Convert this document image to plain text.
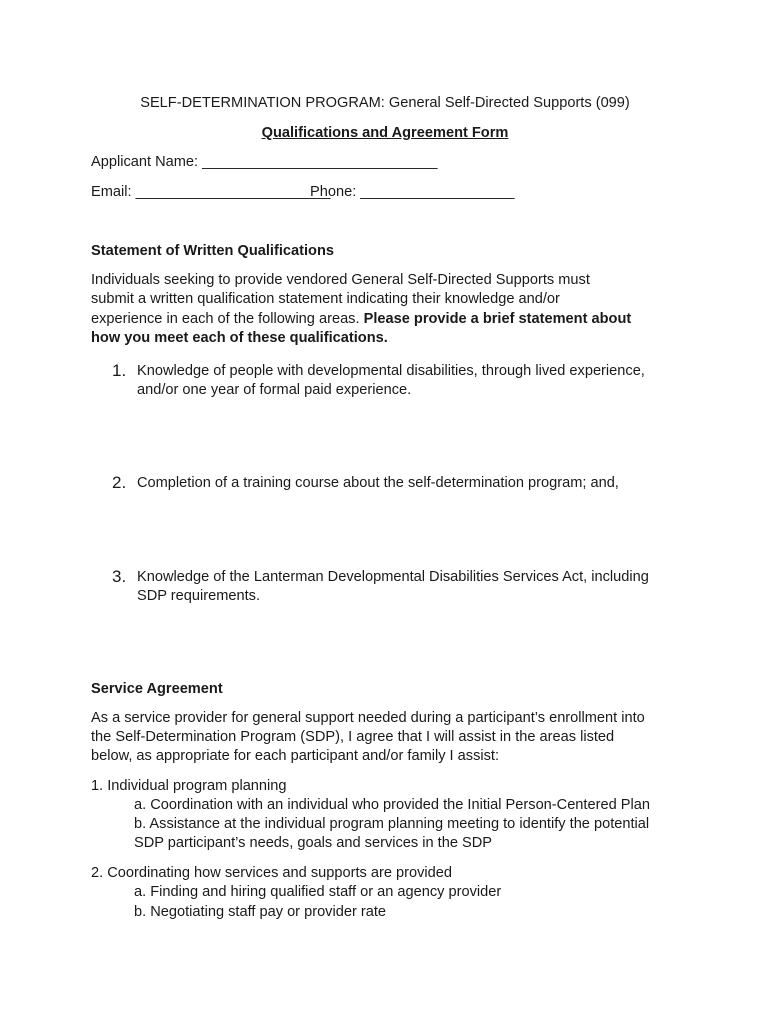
SELF-DETERMINATION PROGRAM: General Self-Directed Supports (099)
Qualifications and Agreement Form
Applicant Name: _____________________________
Email: ________________________
Phone: ___________________
Statement of Written Qualifications
Individuals seeking to provide vendored General Self-Directed Supports must
submit a written qualification statement indicating their knowledge and/or
experience in each of the following areas. Please provide a brief statement about
how you meet each of these qualifications.
1. Knowledge of people with developmental disabilities, through lived experience,
and/or one year of formal paid experience.
2. Completion of a training course about the self-determination program; and,
3. Knowledge of the Lanterman Developmental Disabilities Services Act, including
SDP requirements.
Service Agreement
As a service provider for general support needed during a participant’s enrollment into
the Self-Determination Program (SDP), I agree that I will assist in the areas listed
below, as appropriate for each participant and/or family I assist:
1. Individual program planning
a. Coordination with an individual who provided the Initial Person-Centered Plan
b. Assistance at the individual program planning meeting to identify the potential
SDP participant’s needs, goals and services in the SDP
2. Coordinating how services and supports are provided
a. Finding and hiring qualified staff or an agency provider
b. Negotiating staff pay or provider rate
